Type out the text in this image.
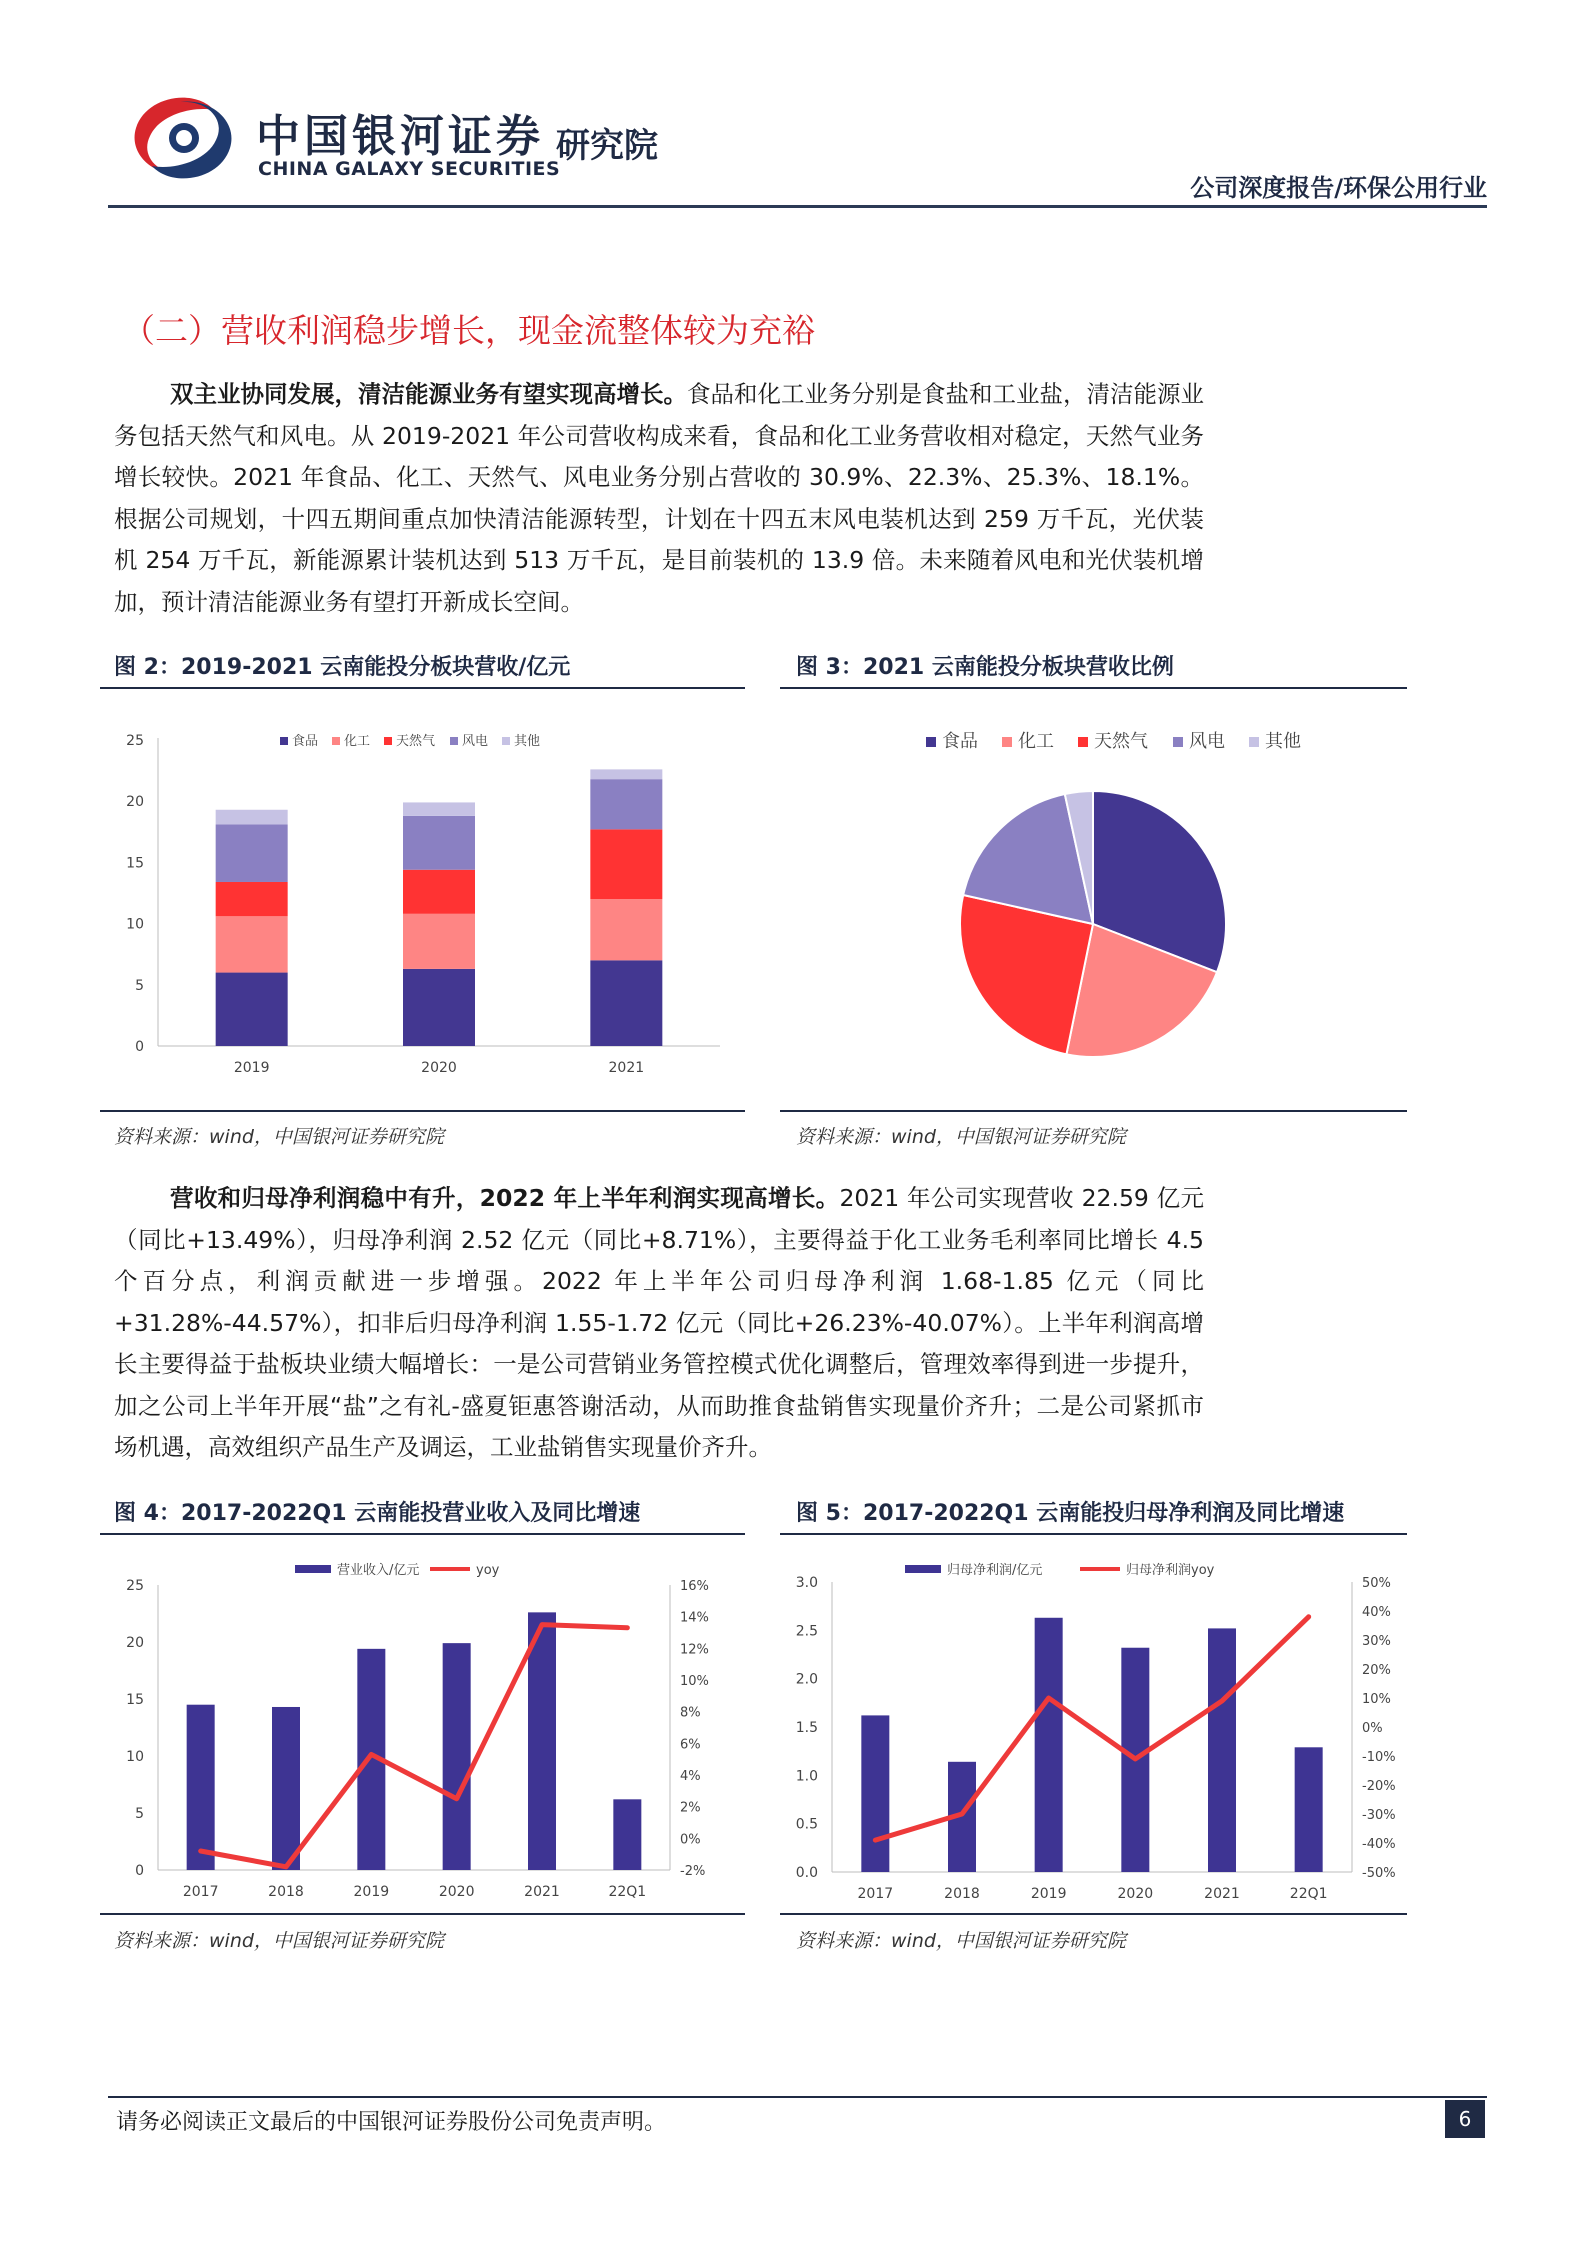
中国银河证券
CHINA GALAXY SECURITIES
研究院
公司深度报告/环保公用行业
（二）营收利润稳步增长，现金流整体较为充裕
双主业协同发展，清洁能源业务有望实现高增长。食品和化工业务分别是食盐和工业盐，清洁能源业务包括天然气和风电。从 2019-2021 年公司营收构成来看，食品和化工业务营收相对稳定，天然气业务增长较快。2021 年食品、化工、天然气、风电业务分别占营收的 30.9%、22.3%、25.3%、18.1%。根据公司规划，十四五期间重点加快清洁能源转型，计划在十四五末风电装机达到 259 万千瓦，光伏装机 254 万千瓦，新能源累计装机达到 513 万千瓦，是目前装机的 13.9 倍。未来随着风电和光伏装机增加，预计清洁能源业务有望打开新成长空间。
图 2：2019-2021 云南能投分板块营收/亿元
0
5
10
15
20
25
2019	2020	2021
食品 化工 天然气 风电 其他
资料来源：wind，中国银河证券研究院
图 3：2021 云南能投分板块营收比例
食品 化工 天然气 风电 其他
资料来源：wind，中国银河证券研究院
营收和归母净利润稳中有升，2022 年上半年利润实现高增长。2021 年公司实现营收 22.59 亿元（同比+13.49%），归母净利润 2.52 亿元（同比+8.71%），主要得益于化工业务毛利率同比增长 4.5 个百分点，利润贡献进一步增强。2022 年上半年公司归母净利润 1.68-1.85 亿元（同比+31.28%-44.57%），扣非后归母净利润 1.55-1.72 亿元（同比+26.23%-40.07%）。上半年利润高增长主要得益于盐板块业绩大幅增长：一是公司营销业务管控模式优化调整后，管理效率得到进一步提升，加之公司上半年开展“盐”之有礼-盛夏钜惠答谢活动，从而助推食盐销售实现量价齐升；二是公司紧抓市场机遇，高效组织产品生产及调运，工业盐销售实现量价齐升。
图 4：2017-2022Q1 云南能投营业收入及同比增速
0
5
10
15
20
25
-2%
0%
2%
4%
6%
8%
10%
12%
14%
16%
2017	2018	2019	2020	2021	22Q1
营业收入/亿元	yoy
资料来源：wind，中国银河证券研究院
图 5：2017-2022Q1 云南能投归母净利润及同比增速
0.0
0.5
1.0
1.5
2.0
2.5
3.0
-50%
-40%
-30%
-20%
-10%
0%
10%
20%
30%
40%
50%
2017	2018	2019	2020	2021	22Q1
归母净利润/亿元	归母净利润yoy
资料来源：wind，中国银河证券研究院
请务必阅读正文最后的中国银河证券股份公司免责声明。	6
